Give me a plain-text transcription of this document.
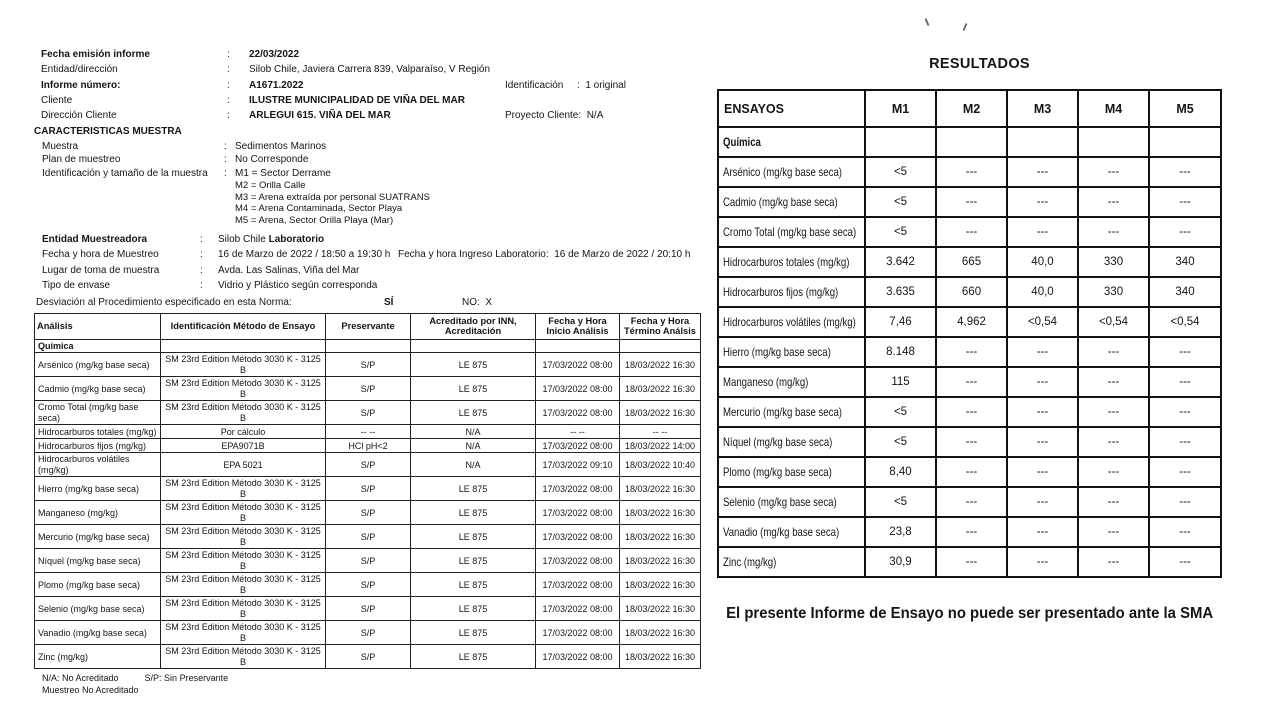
Fecha emisión informe	: 22/03/2022
Entidad/dirección	: Silob Chile, Javiera Carrera 839, Valparaíso, V Región
Informe número:	: A1671.2022	Identificación :  1 original
Cliente	: ILUSTRE MUNICIPALIDAD DE VIÑA DEL MAR
Dirección Cliente	: ARLEGUI 615. VIÑA DEL MAR	Proyecto Cliente:  N/A
CARACTERISTICAS MUESTRA
Muestra	: Sedimentos Marinos
Plan de muestreo	: No Corresponde
Identificación y tamaño de la muestra : M1 = Sector Derrame
M2 = Orilla Calle
M3 = Arena extraída por personal SUATRANS
M4 = Arena Contaminada, Sector Playa
M5 = Arena, Sector Orilla Playa (Mar)
Entidad Muestreadora	: Silob Chile Laboratorio
Fecha y hora de Muestreo	: 16 de Marzo de 2022 / 18:50 a 19:30 h Fecha y hora Ingreso Laboratorio:  16 de Marzo de 2022 / 20:10 h
Lugar de toma de muestra	: Avda. Las Salinas, Viña del Mar
Tipo de envase	: Vidrio y Plástico según corresponda
Desviación al Procedimiento especificado en esta Norma:	SÍ	NO:  X
Análisis	Identificación Método de Ensayo	Preservante	Acreditado por INN, Acreditación	Fecha y Hora Inicio Análisis	Fecha y Hora Término Análsis
Química					
Arsénico (mg/kg base seca)	SM 23rd Edition Método 3030 K - 3125 B	S/P	LE 875	17/03/2022 08:00	18/03/2022 16:30
Cadmio (mg/kg base seca)	SM 23rd Edition Método 3030 K - 3125 B	S/P	LE 875	17/03/2022 08:00	18/03/2022 16:30
Cromo Total (mg/kg base seca)	SM 23rd Edition Método 3030 K - 3125 B	S/P	LE 875	17/03/2022 08:00	18/03/2022 16:30
Hidrocarburos totales (mg/kg)	Por cálculo	-- --	N/A	-- --	-- --
Hidrocarburos fijos (mg/kg)	EPA9071B	HCl pH<2	N/A	17/03/2022 08:00	18/03/2022 14:00
Hidrocarburos volátiles (mg/kg)	EPA 5021	S/P	N/A	17/03/2022 09:10	18/03/2022 10:40
Hierro (mg/kg base seca)	SM 23rd Edition Método 3030 K - 3125 B	S/P	LE 875	17/03/2022 08:00	18/03/2022 16:30
Manganeso (mg/kg)	SM 23rd Edition Método 3030 K - 3125 B	S/P	LE 875	17/03/2022 08:00	18/03/2022 16:30
Mercurio (mg/kg base seca)	SM 23rd Edition Método 3030 K - 3125 B	S/P	LE 875	17/03/2022 08:00	18/03/2022 16:30
Níquel (mg/kg base seca)	SM 23rd Edition Método 3030 K - 3125 B	S/P	LE 875	17/03/2022 08:00	18/03/2022 16:30
Plomo (mg/kg base seca)	SM 23rd Edition Método 3030 K - 3125 B	S/P	LE 875	17/03/2022 08:00	18/03/2022 16:30
Selenio (mg/kg base seca)	SM 23rd Edition Método 3030 K - 3125 B	S/P	LE 875	17/03/2022 08:00	18/03/2022 16:30
Vanadio (mg/kg base seca)	SM 23rd Edition Método 3030 K - 3125 B	S/P	LE 875	17/03/2022 08:00	18/03/2022 16:30
Zinc (mg/kg)	SM 23rd Edition Método 3030 K - 3125 B	S/P	LE 875	17/03/2022 08:00	18/03/2022 16:30
N/A: No Acreditado	S/P: Sin Preservante
Muestreo No Acreditado
RESULTADOS
ENSAYOS	M1	M2	M3	M4	M5
Química					
Arsénico (mg/kg base seca)	<5	---	---	---	---
Cadmio (mg/kg base seca)	<5	---	---	---	---
Cromo Total (mg/kg base seca)	<5	---	---	---	---
Hidrocarburos totales (mg/kg)	3.642	665	40,0	330	340
Hidrocarburos fijos (mg/kg)	3.635	660	40,0	330	340
Hidrocarburos volátiles (mg/kg)	7,46	4,962	<0,54	<0,54	<0,54
Hierro (mg/kg base seca)	8.148	---	---	---	---
Manganeso (mg/kg)	115	---	---	---	---
Mercurio (mg/kg base seca)	<5	---	---	---	---
Níquel (mg/kg base seca)	<5	---	---	---	---
Plomo (mg/kg base seca)	8,40	---	---	---	---
Selenio (mg/kg base seca)	<5	---	---	---	---
Vanadio (mg/kg base seca)	23,8	---	---	---	---
Zinc (mg/kg)	30,9	---	---	---	---
El presente Informe de Ensayo no puede ser presentado ante la SMA
